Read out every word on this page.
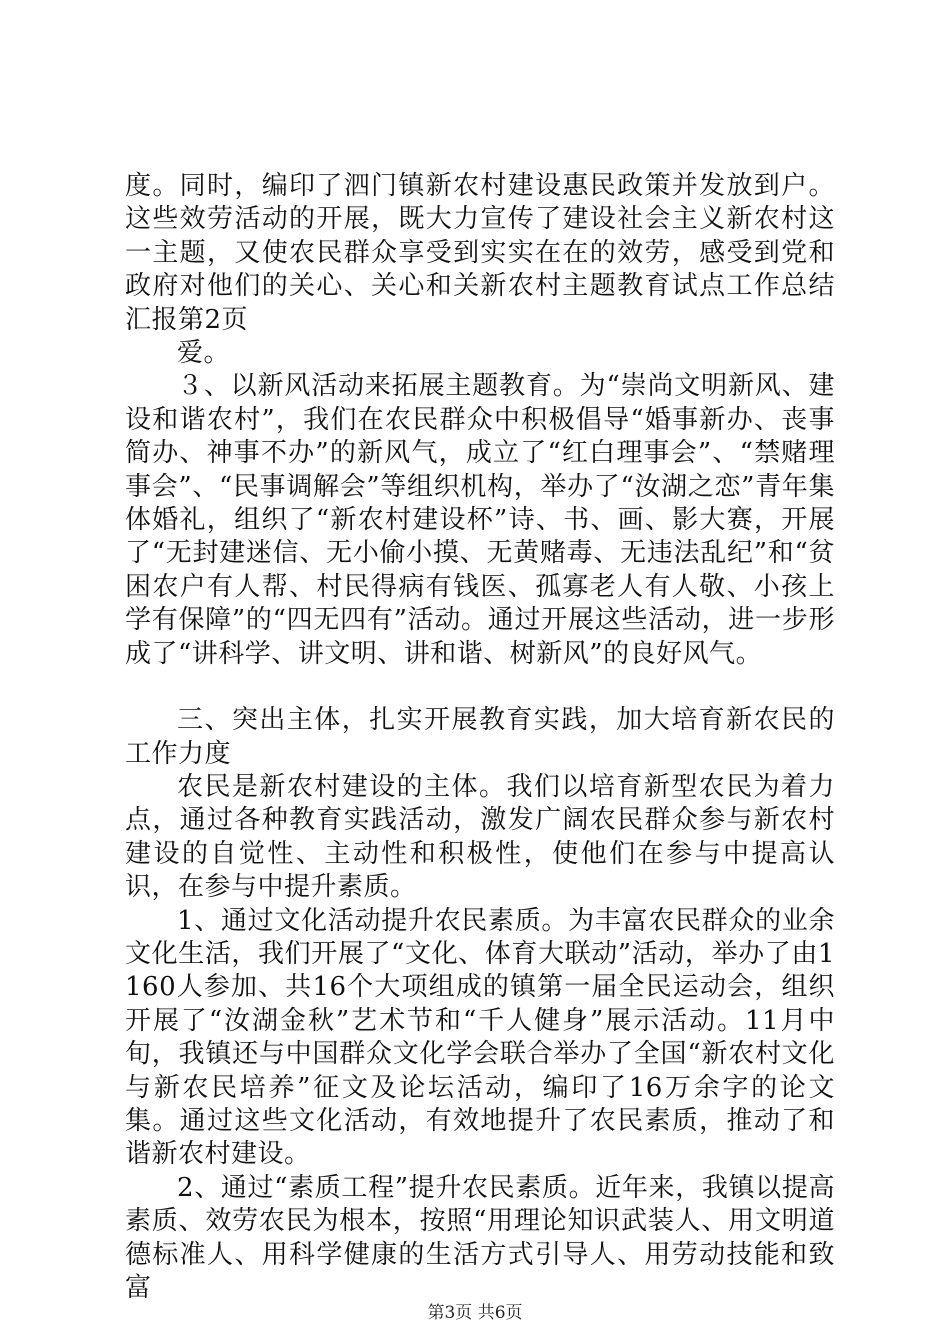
度。同时，编印了泗门镇新农村建设惠民政策并发放到户。这些效劳活动的开展，既大力宣传了建设社会主义新农村这一主题，又使农民群众享受到实实在在的效劳，感受到党和政府对他们的关心、关心和关新农村主题教育试点工作总结汇报第2页

爱。

３、以新风活动来拓展主题教育。为“崇尚文明新风、建设和谐农村”，我们在农民群众中积极倡导“婚事新办、丧事简办、神事不办”的新风气，成立了“红白理事会”、“禁赌理事会”、“民事调解会”等组织机构，举办了“汝湖之恋”青年集体婚礼，组织了“新农村建设杯”诗、书、画、影大赛，开展了“无封建迷信、无小偷小摸、无黄赌毒、无违法乱纪”和“贫困农户有人帮、村民得病有钱医、孤寡老人有人敬、小孩上学有保障”的“四无四有”活动。通过开展这些活动，进一步形成了“讲科学、讲文明、讲和谐、树新风”的良好风气。

三、突出主体，扎实开展教育实践，加大培育新农民的工作力度

农民是新农村建设的主体。我们以培育新型农民为着力点，通过各种教育实践活动，激发广阔农民群众参与新农村建设的自觉性、主动性和积极性，使他们在参与中提高认识，在参与中提升素质。

1、通过文化活动提升农民素质。为丰富农民群众的业余文化生活，我们开展了“文化、体育大联动”活动，举办了由1160人参加、共16个大项组成的镇第一届全民运动会，组织开展了“汝湖金秋”艺术节和“千人健身”展示活动。11月中旬，我镇还与中国群众文化学会联合举办了全国“新农村文化与新农民培养”征文及论坛活动，编印了16万余字的论文集。通过这些文化活动，有效地提升了农民素质，推动了和谐新农村建设。

2、通过“素质工程”提升农民素质。近年来，我镇以提高素质、效劳农民为根本，按照“用理论知识武装人、用文明道德标准人、用科学健康的生活方式引导人、用劳动技能和致富

第3页 共6页
